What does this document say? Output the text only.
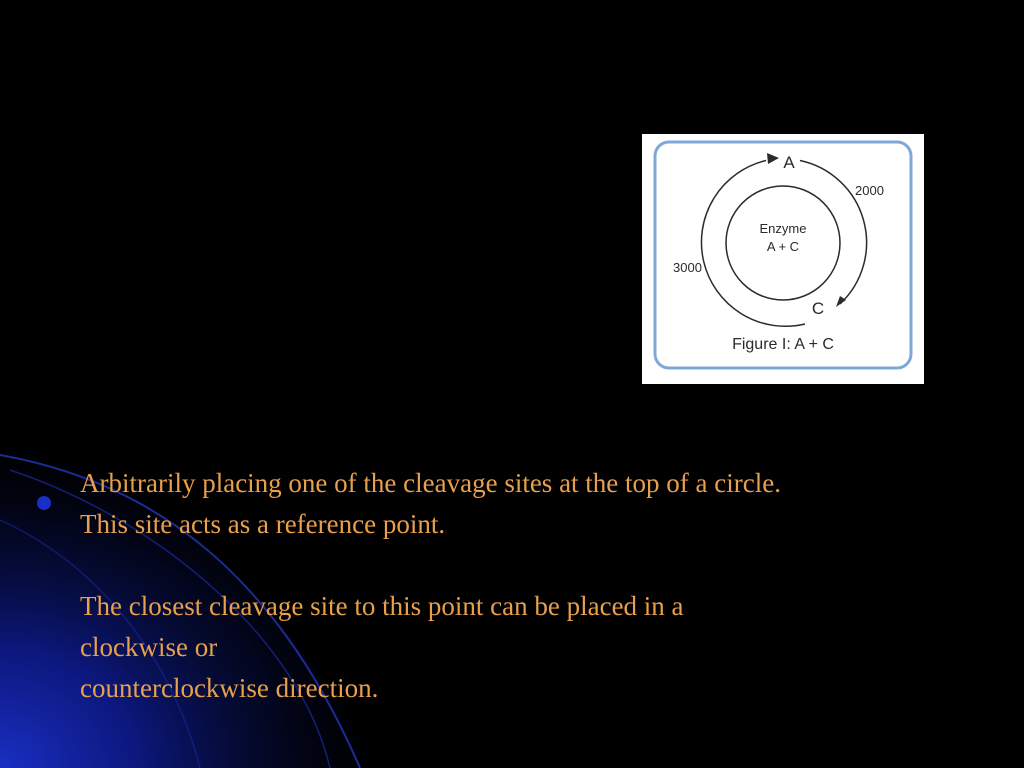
A
C
2000
3000
Enzyme
A + C
Figure I: A + C
Arbitrarily placing one of the cleavage sites at the top of a circle.
This site acts as a reference point.
The closest cleavage site to this point can be placed in a
clockwise or
counterclockwise direction.
